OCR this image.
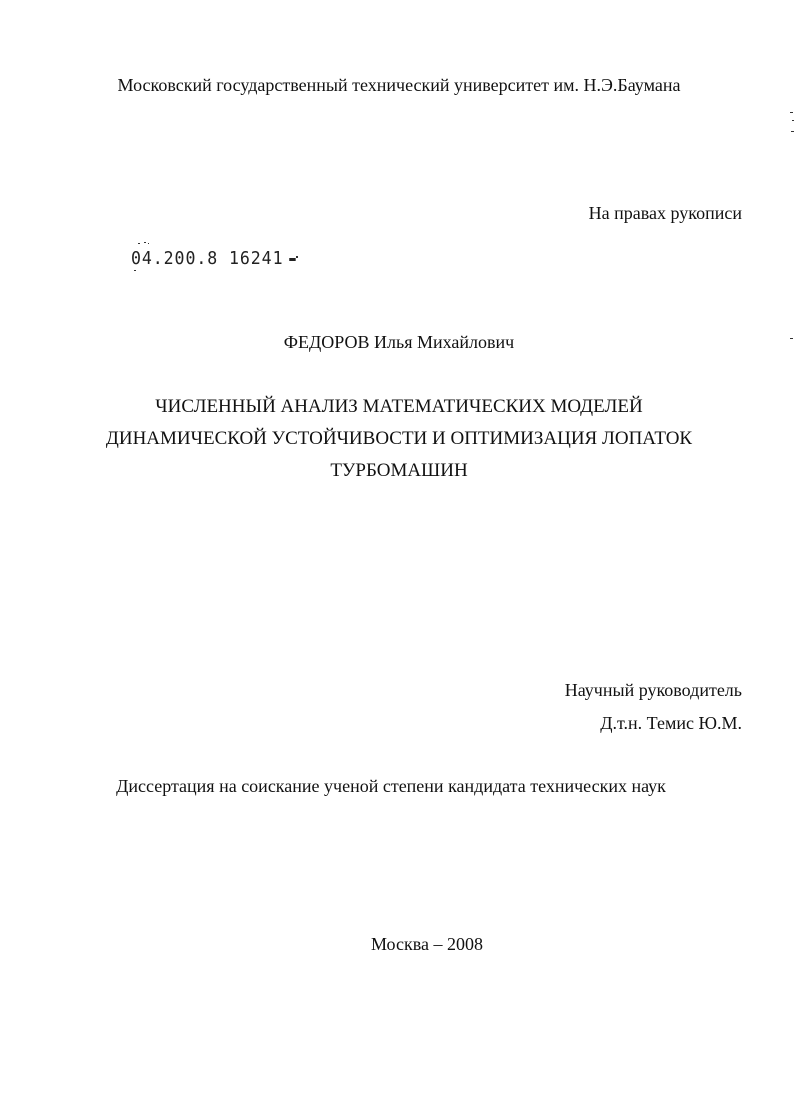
Московский государственный технический университет им. Н.Э.Баумана
На правах рукописи
04.200.8 16241
ФЕДОРОВ Илья Михайлович
ЧИСЛЕННЫЙ АНАЛИЗ МАТЕМАТИЧЕСКИХ МОДЕЛЕЙ
ДИНАМИЧЕСКОЙ УСТОЙЧИВОСТИ И ОПТИМИЗАЦИЯ ЛОПАТОК
ТУРБОМАШИН
Научный руководитель
Д.т.н. Темис Ю.М.
Диссертация на соискание ученой степени кандидата технических наук
Москва – 2008
